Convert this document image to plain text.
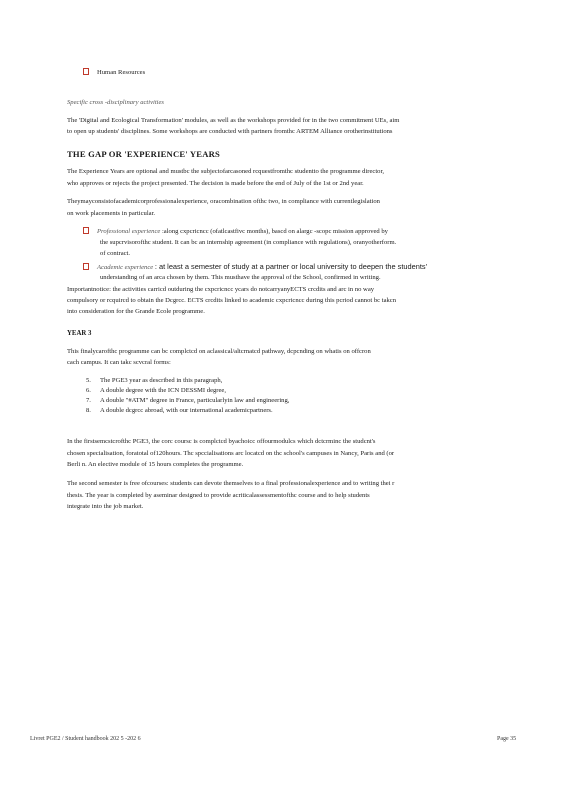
Human Resources
Specific cross -disciplinary activities
The 'Digital and Ecological Transformation' modules, as well as the workshops provided for in the two commitment UEs, aim
to open up students' disciplines. Some workshops are conducted with partners fromthc ARTEM Alliance orotherinstitutions
THE GAP OR 'EXPERIENCE' YEARS
The Experience Years are optional and mustbc the subjectofarcasoned rcquestfromthc studentto the programme director,
who approves or rejects the project presented. The decision is made before the end of July of the 1st or 2nd year.
Theymayconsistofacademicorprofessionalexperience, oracombination ofthc two, in compliance with currentlegislation
on work placements in particular.
Professional experience :along cxpcricncc (ofatlcastfivc months), bascd on alargc -scopc mission approved by
the supcrvisorofthc student. It can bc an internship agreement (in compliance with regulations), oranyotherform.
of contract.
Academic experience : at least a semester of study at a partner or local university to deepen the students'
understanding of an arca chosen by them. This musthave the approval of the School, confirmed in writing.
Importantnotice: the activities carricd outduring the cxpcricncc ycars do notcarryanyECTS crcdits and arc in no way
compulsory or rcquircd to obtain the Dcgrcc. ECTS crcdits linked to academic cxpcricncc during this pcriod cannot bc takcn
into consideration for the Grande Ecole programme.
YEAR 3
This finalycarofthc programme can bc complctcd on aclassical/altcrnatcd pathway, dcpcnding on whatis on offcron
cach campus. It can takc scvcral forms:
5. The PGE3 year as described in this paragraph,
6. A double degree with the ICN DESSMI degree,
7. A double "#ATM" degree in France, particularlyin law and engineering,
8. A double dcgrcc abroad, with our international academicpartners.
In the firstsemcstcrofthc PGE3, the corc coursc is complctcd byachoicc offourmodulcs which dctcrminc the studcnt's
chosen specialisation, foratotal of120hours. Thc spccialisations arc locatcd on thc school's campuses in Nancy, Paris and (or
Berli n. An elective module of 15 hours completes the programme.
The second semester is free ofcourses: students can devote themselves to a final professionalexperience and to writing thei r
thesis. The year is completed by aseminar designed to provide acriticalassessmentofthc course and to help students
integrate into the job market.
Livret PGE2 / Student handbook 202 5 -202 6	Page 35
